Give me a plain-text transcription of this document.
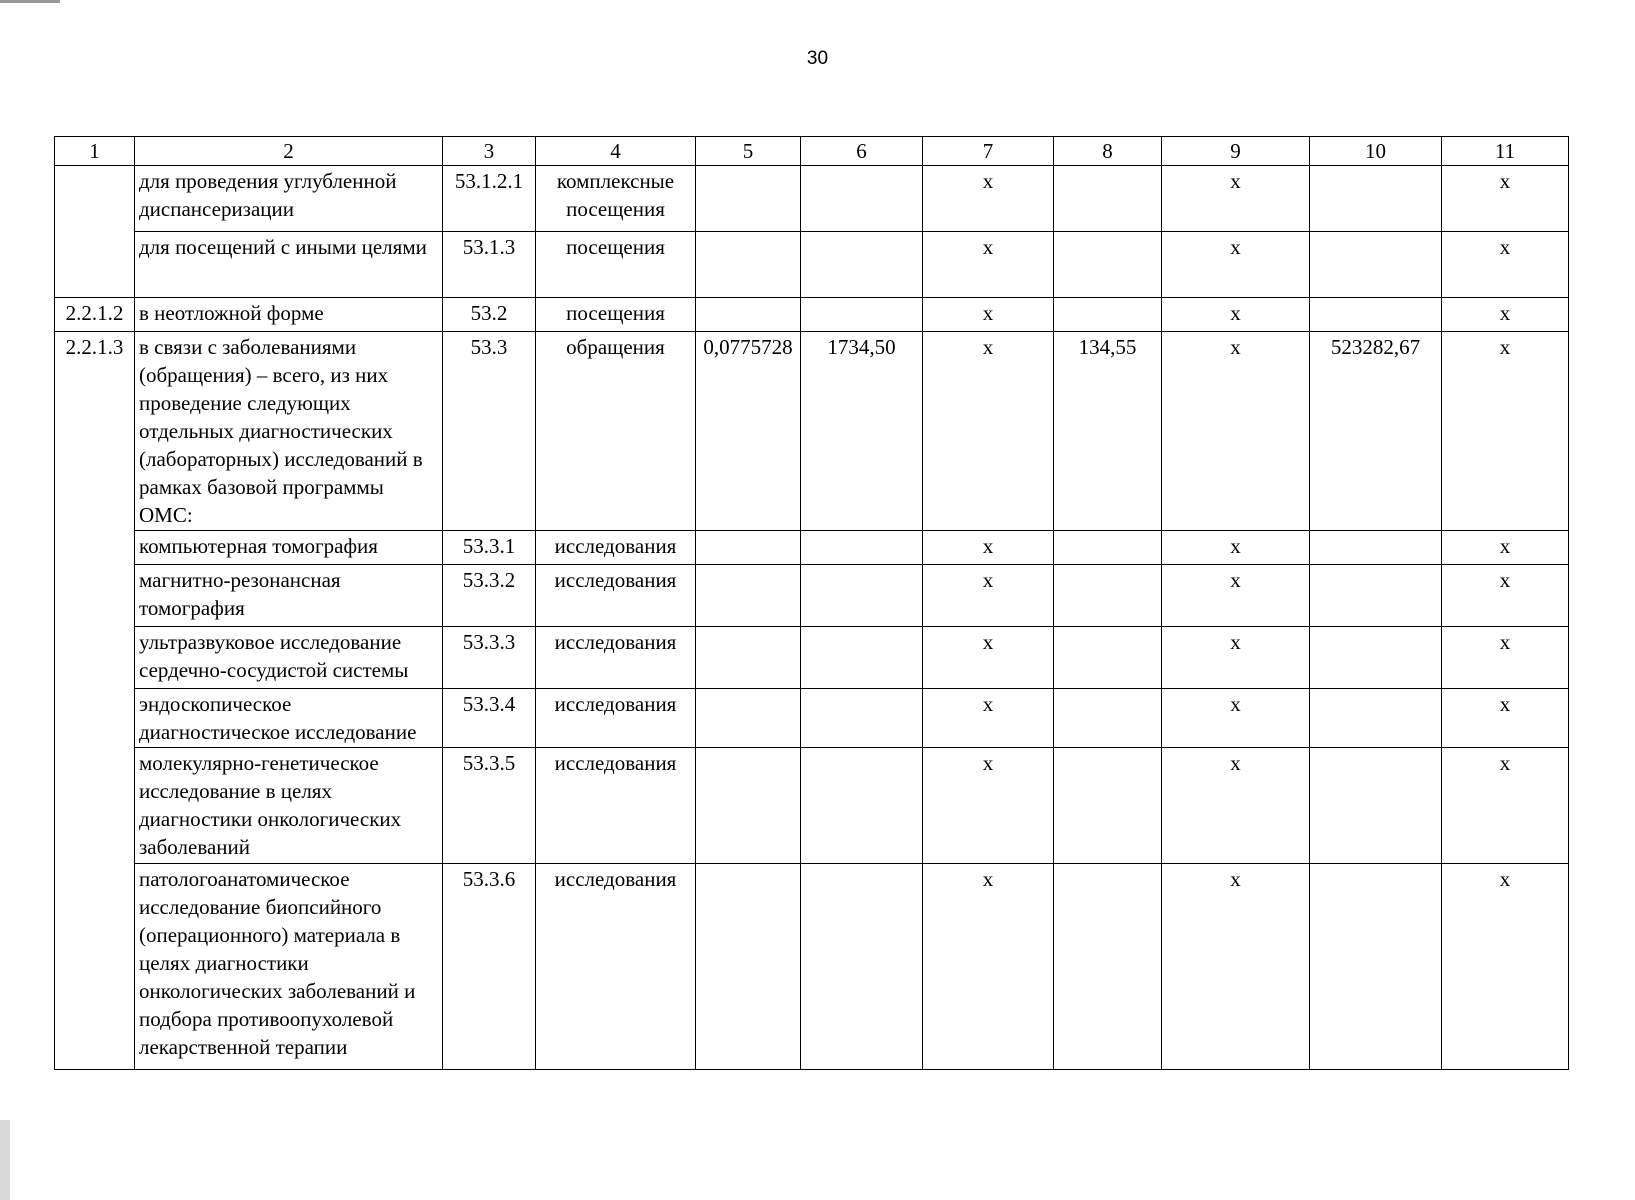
30
1	2	3	4	5	6	7	8	9	10	11
	для проведения углубленной диспансеризации	53.1.2.1	комплексные посещения			х		х		х
	для посещений с иными целями	53.1.3	посещения			х		х		х
2.2.1.2	в неотложной форме	53.2	посещения			х		х		х
2.2.1.3	в связи с заболеваниями (обращения) – всего, из них проведение следующих отдельных диагностических (лабораторных) исследований в рамках базовой программы ОМС:	53.3	обращения	0,0775728	1734,50	х	134,55	х	523282,67	х
	компьютерная томография	53.3.1	исследования			х		х		х
	магнитно-резонансная томография	53.3.2	исследования			х		х		х
	ультразвуковое исследование сердечно-сосудистой системы	53.3.3	исследования			х		х		х
	эндоскопическое диагностическое исследование	53.3.4	исследования			х		х		х
	молекулярно-генетическое исследование в целях диагностики онкологических заболеваний	53.3.5	исследования			х		х		х
	патологоанатомическое исследование биопсийного (операционного) материала в целях диагностики онкологических заболеваний и подбора противоопухолевой лекарственной терапии	53.3.6	исследования			х		х		х
